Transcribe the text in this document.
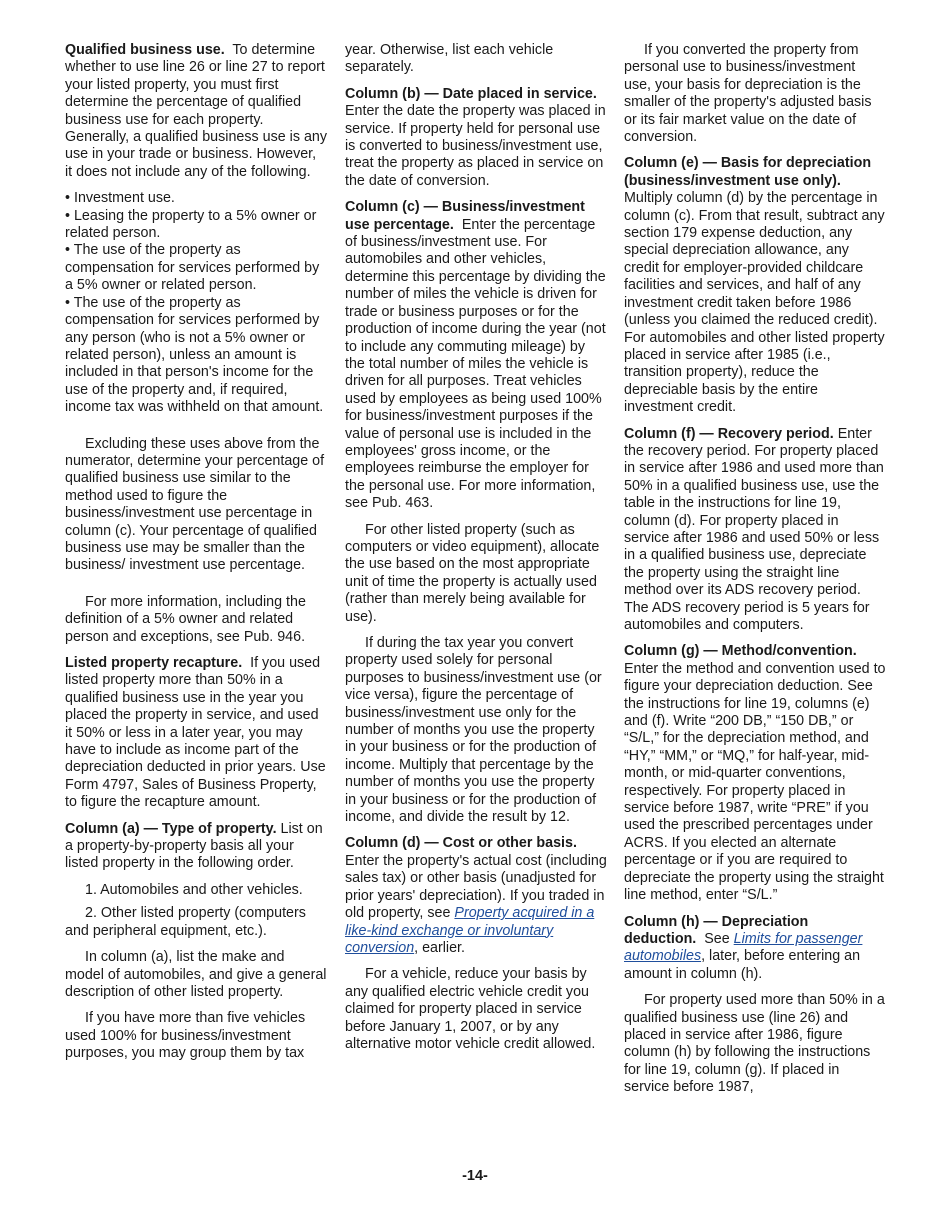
Qualified business use. To determine whether to use line 26 or line 27 to report your listed property, you must first determine the percentage of qualified business use for each property. Generally, a qualified business use is any use in your trade or business. However, it does not include any of the following.

• Investment use.
• Leasing the property to a 5% owner or related person.
• The use of the property as compensation for services performed by a 5% owner or related person.
• The use of the property as compensation for services performed by any person (who is not a 5% owner or related person), unless an amount is included in that person's income for the use of the property and, if required, income tax was withheld on that amount.

Excluding these uses above from the numerator, determine your percentage of qualified business use similar to the method used to figure the business/investment use percentage in column (c). Your percentage of qualified business use may be smaller than the business/ investment use percentage.

For more information, including the definition of a 5% owner and related person and exceptions, see Pub. 946.

Listed property recapture. If you used listed property more than 50% in a qualified business use in the year you placed the property in service, and used it 50% or less in a later year, you may have to include as income part of the depreciation deducted in prior years. Use Form 4797, Sales of Business Property, to figure the recapture amount.

Column (a) — Type of property. List on a property-by-property basis all your listed property in the following order.

1. Automobiles and other vehicles.
2. Other listed property (computers and peripheral equipment, etc.).

In column (a), list the make and model of automobiles, and give a general description of other listed property.

If you have more than five vehicles used 100% for business/investment purposes, you may group them by tax

year. Otherwise, list each vehicle separately.

Column (b) — Date placed in service.  Enter the date the property was placed in service. If property held for personal use is converted to business/investment use, treat the property as placed in service on the date of conversion.

Column (c) — Business/investment use percentage. Enter the percentage of business/investment use. For automobiles and other vehicles, determine this percentage by dividing the number of miles the vehicle is driven for trade or business purposes or for the production of income during the year (not to include any commuting mileage) by the total number of miles the vehicle is driven for all purposes. Treat vehicles used by employees as being used 100% for business/investment purposes if the value of personal use is included in the employees' gross income, or the employees reimburse the employer for the personal use. For more information, see Pub. 463.

For other listed property (such as computers or video equipment), allocate the use based on the most appropriate unit of time the property is actually used (rather than merely being available for use).

If during the tax year you convert property used solely for personal purposes to business/investment use (or vice versa), figure the percentage of business/investment use only for the number of months you use the property in your business or for the production of income. Multiply that percentage by the number of months you use the property in your business or for the production of income, and divide the result by 12.

Column (d) — Cost or other basis. Enter the property's actual cost (including sales tax) or other basis (unadjusted for prior years' depreciation). If you traded in old property, see Property acquired in a like-kind exchange or involuntary conversion, earlier.

For a vehicle, reduce your basis by any qualified electric vehicle credit you claimed for property placed in service before January 1, 2007, or by any alternative motor vehicle credit allowed.

If you converted the property from personal use to business/investment use, your basis for depreciation is the smaller of the property's adjusted basis or its fair market value on the date of conversion.

Column (e) — Basis for depreciation (business/investment use only).  Multiply column (d) by the percentage in column (c). From that result, subtract any section 179 expense deduction, any special depreciation allowance, any credit for employer-provided childcare facilities and services, and half of any investment credit taken before 1986 (unless you claimed the reduced credit). For automobiles and other listed property placed in service after 1985 (i.e., transition property), reduce the depreciable basis by the entire investment credit.

Column (f) — Recovery period. Enter the recovery period. For property placed in service after 1986 and used more than 50% in a qualified business use, use the table in the instructions for line 19, column (d). For property placed in service after 1986 and used 50% or less in a qualified business use, depreciate the property using the straight line method over its ADS recovery period. The ADS recovery period is 5 years for automobiles and computers.

Column (g) — Method/convention. Enter the method and convention used to figure your depreciation deduction. See the instructions for line 19, columns (e) and (f). Write “200 DB,” “150 DB,” or “S/L,” for the depreciation method, and “HY,” “MM,” or “MQ,” for half-year, mid-month, or mid-quarter conventions, respectively. For property placed in service before 1987, write “PRE” if you used the prescribed percentages under ACRS. If you elected an alternate percentage or if you are required to depreciate the property using the straight line method, enter “S/L.”

Column (h) — Depreciation deduction. See Limits for passenger automobiles, later, before entering an amount in column (h).

For property used more than 50% in a qualified business use (line 26) and placed in service after 1986, figure column (h) by following the instructions for line 19, column (g). If placed in service before 1987,

-14-
